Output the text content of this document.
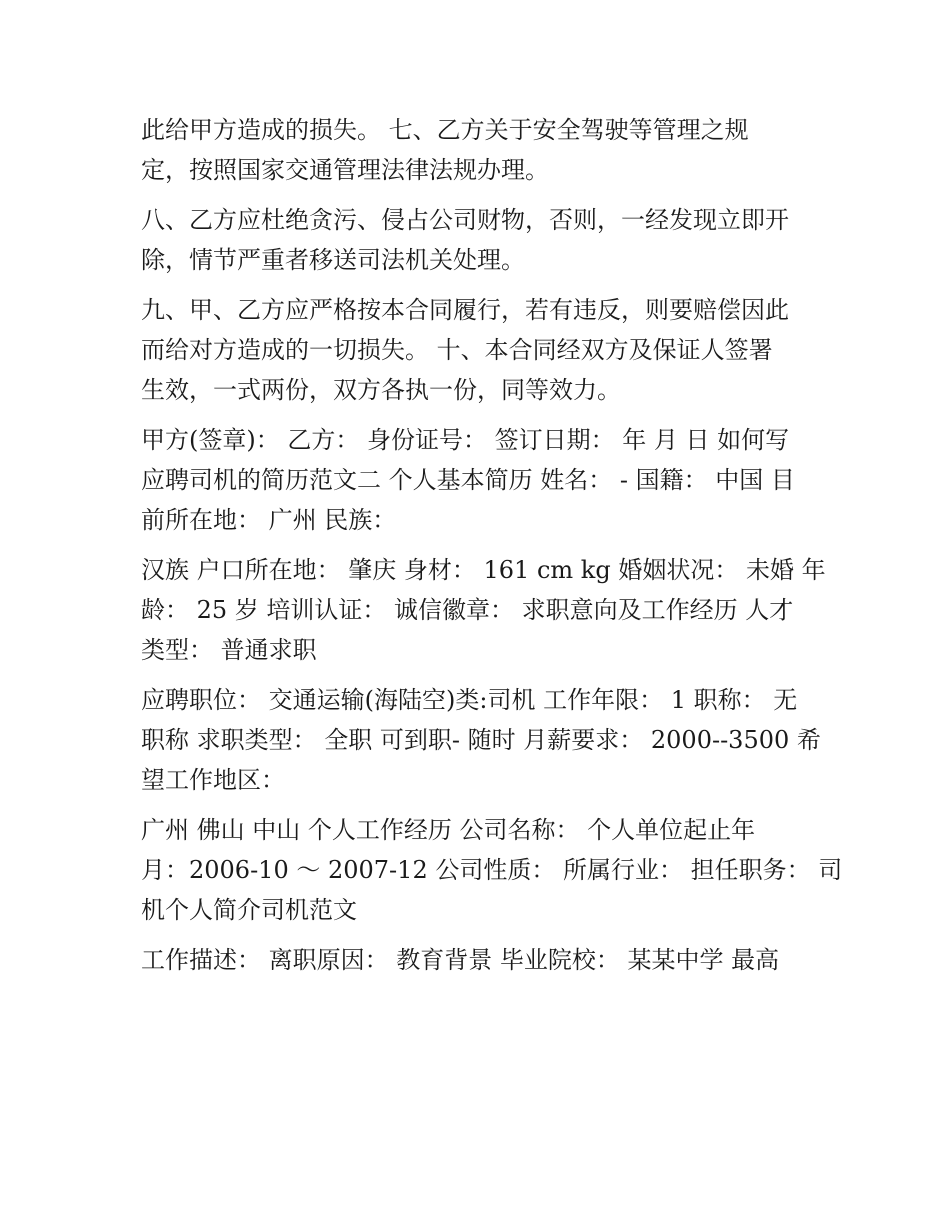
此给甲方造成的损失。 七、乙方关于安全驾驶等管理之规
定，按照国家交通管理法律法规办理。
八、乙方应杜绝贪污、侵占公司财物，否则，一经发现立即开
除，情节严重者移送司法机关处理。
九、甲、乙方应严格按本合同履行，若有违反，则要赔偿因此
而给对方造成的一切损失。 十、本合同经双方及保证人签署
生效，一式两份，双方各执一份，同等效力。
甲方(签章)： 乙方： 身份证号： 签订日期： 年 月 日 如何写
应聘司机的简历范文二 个人基本简历 姓名： - 国籍： 中国 目
前所在地： 广州 民族：
汉族 户口所在地： 肇庆 身材： 161 cm kg 婚姻状况： 未婚 年
龄： 25 岁 培训认证： 诚信徽章： 求职意向及工作经历 人才
类型： 普通求职
应聘职位： 交通运输(海陆空)类:司机 工作年限： 1 职称： 无
职称 求职类型： 全职 可到职- 随时 月薪要求： 2000--3500 希
望工作地区：
广州 佛山 中山 个人工作经历 公司名称： 个人单位起止年
月：2006-10 ～ 2007-12 公司性质： 所属行业： 担任职务： 司
机个人简介司机范文
工作描述： 离职原因： 教育背景 毕业院校： 某某中学 最高
